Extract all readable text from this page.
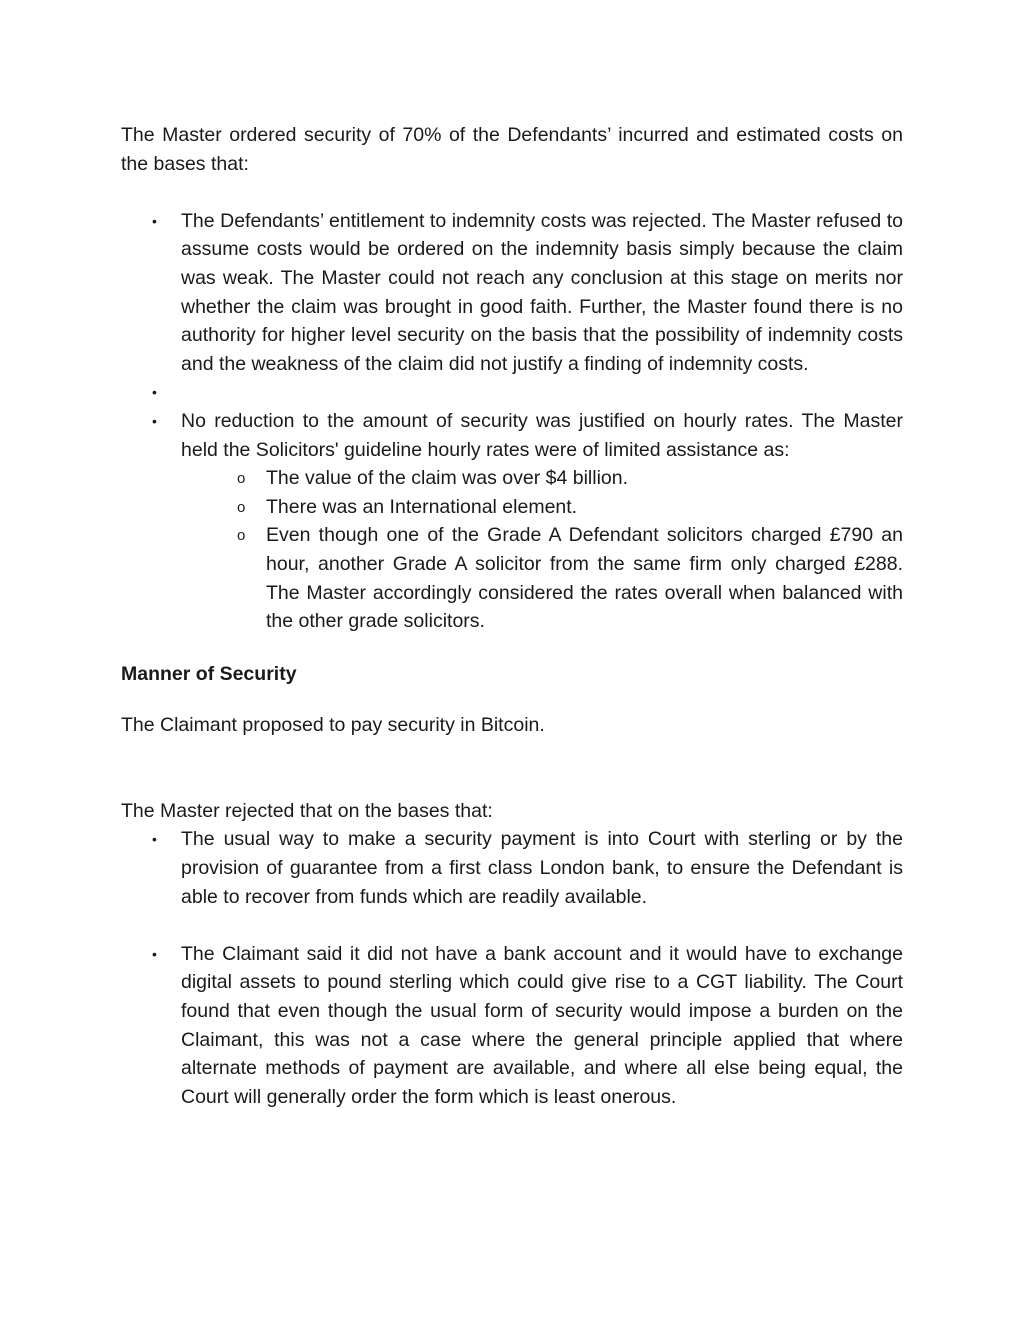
The Master ordered security of 70% of the Defendants’ incurred and estimated costs on the bases that:

• The Defendants’ entitlement to indemnity costs was rejected. The Master refused to assume costs would be ordered on the indemnity basis simply because the claim was weak. The Master could not reach any conclusion at this stage on merits nor whether the claim was brought in good faith. Further, the Master found there is no authority for higher level security on the basis that the possibility of indemnity costs and the weakness of the claim did not justify a finding of indemnity costs.
•
• No reduction to the amount of security was justified on hourly rates. The Master held the Solicitors' guideline hourly rates were of limited assistance as:
o The value of the claim was over $4 billion.
o There was an International element.
o Even though one of the Grade A Defendant solicitors charged £790 an hour, another Grade A solicitor from the same firm only charged £288. The Master accordingly considered the rates overall when balanced with the other grade solicitors.

Manner of Security

The Claimant proposed to pay security in Bitcoin.

The Master rejected that on the bases that:

• The usual way to make a security payment is into Court with sterling or by the provision of guarantee from a first class London bank, to ensure the Defendant is able to recover from funds which are readily available.
• The Claimant said it did not have a bank account and it would have to exchange digital assets to pound sterling which could give rise to a CGT liability. The Court found that even though the usual form of security would impose a burden on the Claimant, this was not a case where the general principle applied that where alternate methods of payment are available, and where all else being equal, the Court will generally order the form which is least onerous.
